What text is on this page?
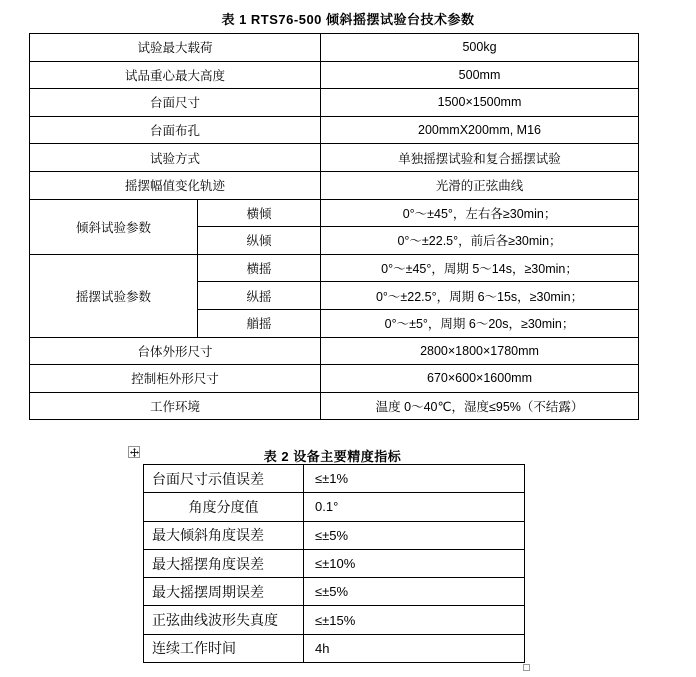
表 1 RTS76-500 倾斜摇摆试验台技术参数
试验最大载荷		500kg
试品重心最大高度		500mm
台面尺寸		1500×1500mm
台面布孔		200mmX200mm, M16
试验方式		单独摇摆试验和复合摇摆试验
摇摆幅值变化轨迹		光滑的正弦曲线
倾斜试验参数	横倾	0°～±45°，左右各≥30min；
	纵倾	0°～±22.5°，前后各≥30min；
摇摆试验参数	横摇	0°～±45°，周期 5～14s，≥30min；
	纵摇	0°～±22.5°，周期 6～15s，≥30min；
	艏摇	0°～±5°，周期 6～20s，≥30min；
台体外形尺寸		2800×1800×1780mm
控制柜外形尺寸		670×600×1600mm
工作环境		温度 0～40℃，湿度≤95%（不结露）
表 2 设备主要精度指标
台面尺寸示值误差	≤±1%
角度分度值	0.1°
最大倾斜角度误差	≤±5%
最大摇摆角度误差	≤±10%
最大摇摆周期误差	≤±5%
正弦曲线波形失真度	≤±15%
连续工作时间	4h
